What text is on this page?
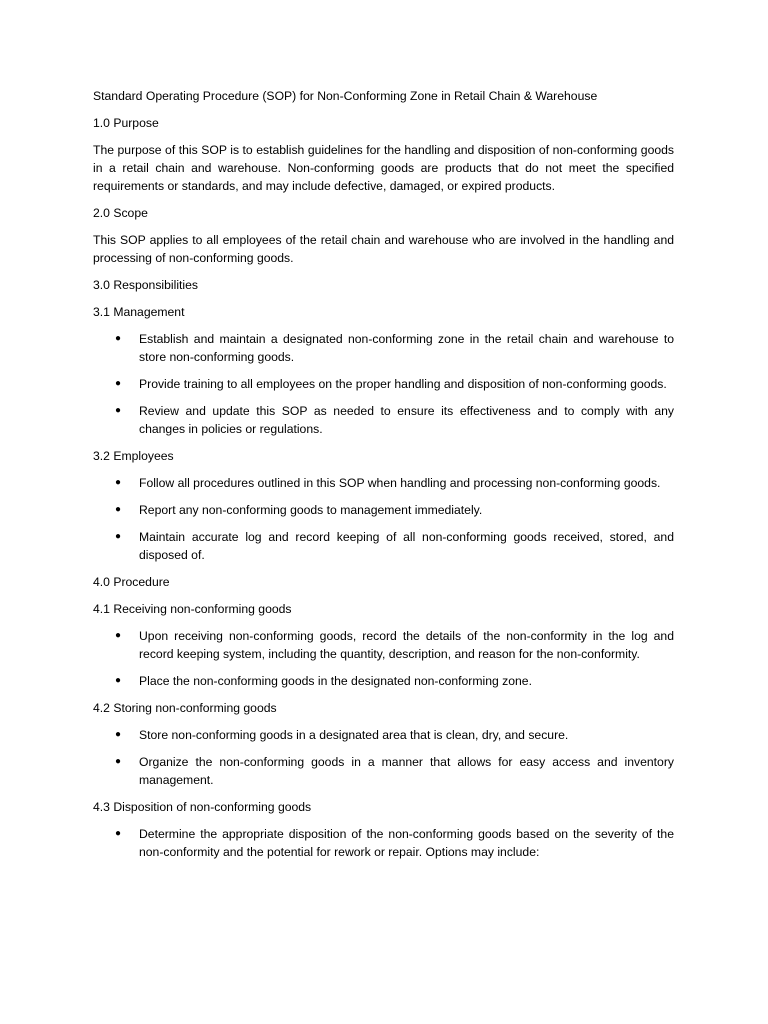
Standard Operating Procedure (SOP) for Non-Conforming Zone in Retail Chain & Warehouse

1.0 Purpose

The purpose of this SOP is to establish guidelines for the handling and disposition of non-conforming goods in a retail chain and warehouse. Non-conforming goods are products that do not meet the specified requirements or standards, and may include defective, damaged, or expired products.

2.0 Scope

This SOP applies to all employees of the retail chain and warehouse who are involved in the handling and processing of non-conforming goods.

3.0 Responsibilities

3.1 Management

● Establish and maintain a designated non-conforming zone in the retail chain and warehouse to store non-conforming goods.
● Provide training to all employees on the proper handling and disposition of non-conforming goods.
● Review and update this SOP as needed to ensure its effectiveness and to comply with any changes in policies or regulations.

3.2 Employees

● Follow all procedures outlined in this SOP when handling and processing non-conforming goods.
● Report any non-conforming goods to management immediately.
● Maintain accurate log and record keeping of all non-conforming goods received, stored, and disposed of.

4.0 Procedure

4.1 Receiving non-conforming goods

● Upon receiving non-conforming goods, record the details of the non-conformity in the log and record keeping system, including the quantity, description, and reason for the non-conformity.
● Place the non-conforming goods in the designated non-conforming zone.

4.2 Storing non-conforming goods

● Store non-conforming goods in a designated area that is clean, dry, and secure.
● Organize the non-conforming goods in a manner that allows for easy access and inventory management.

4.3 Disposition of non-conforming goods

● Determine the appropriate disposition of the non-conforming goods based on the severity of the non-conformity and the potential for rework or repair. Options may include:
